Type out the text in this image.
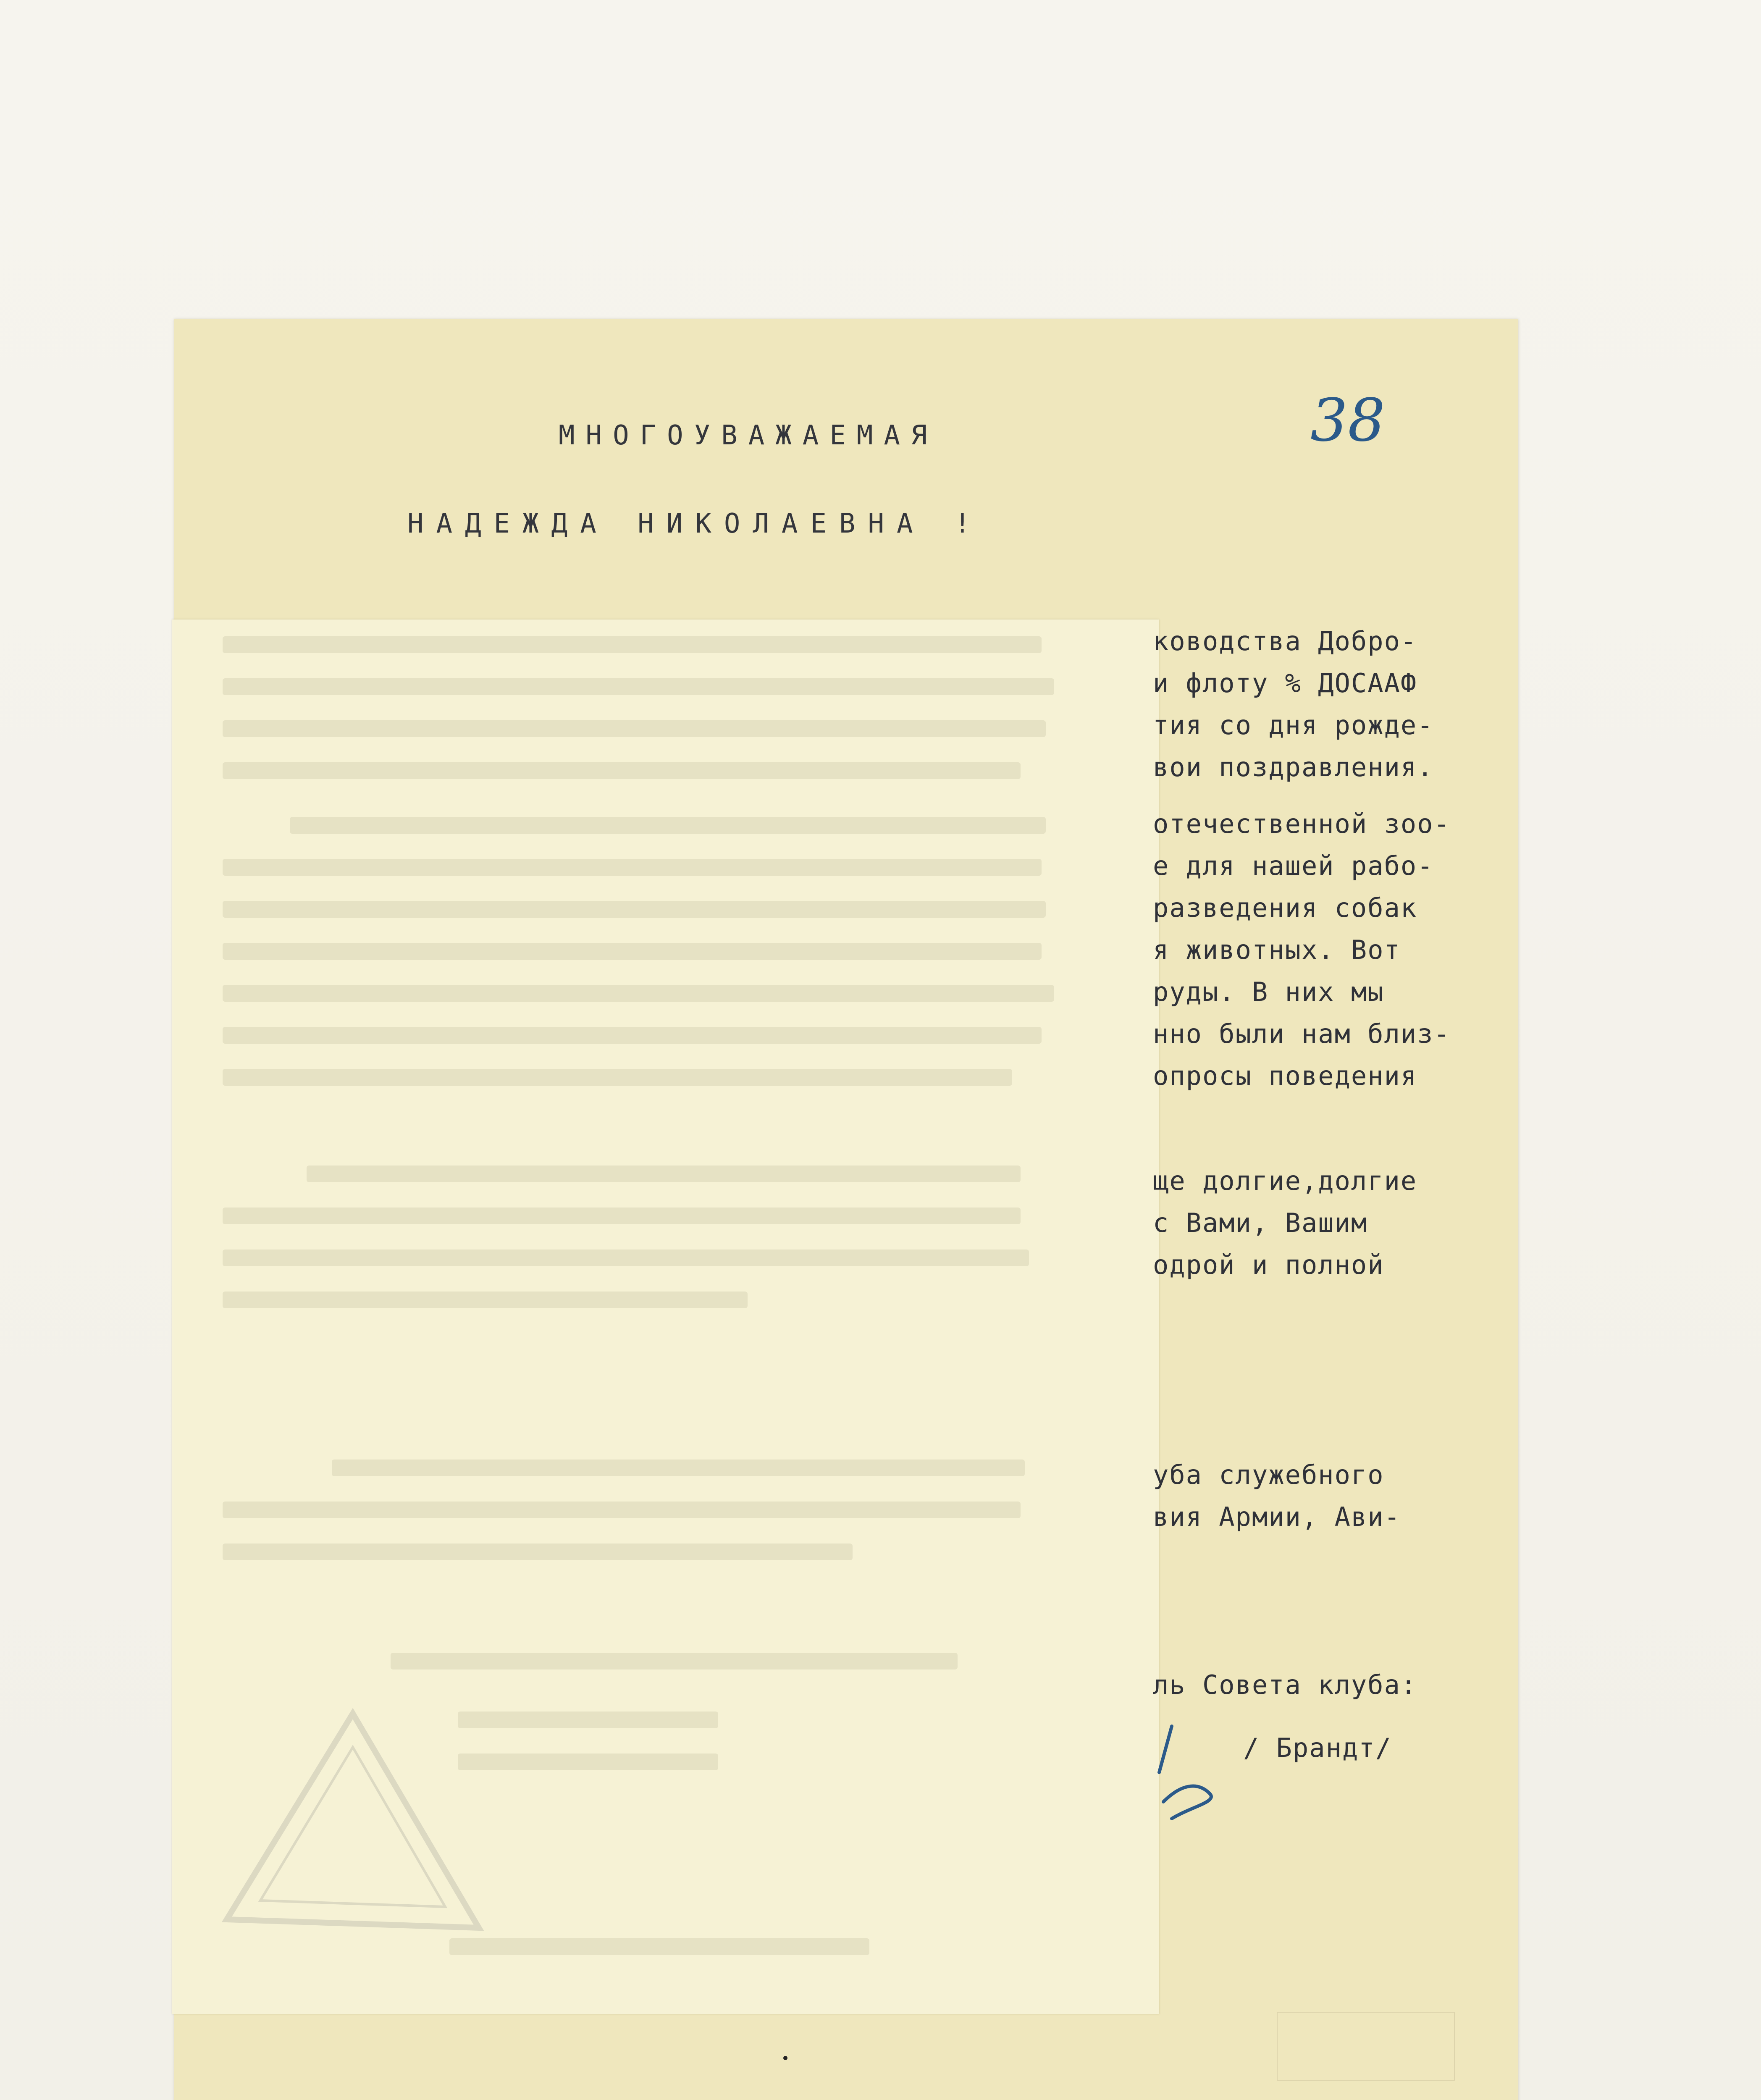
38
МНОГОУВАЖАЕМАЯ
НАДЕЖДА НИКОЛАЕВНА !
ководства Добро-
и флоту % ДОСААФ
тия со дня рожде-
вои поздравления.
отечественной зоо-
е для нашей рабо-
разведения собак
я животных. Вот
руды. В них мы
нно были нам близ-
опросы поведения
ще долгие,долгие
с Вами, Вашим
одрой и полной
уба служебного
вия Армии, Ави-
ль Совета клуба:
/ Брандт/
